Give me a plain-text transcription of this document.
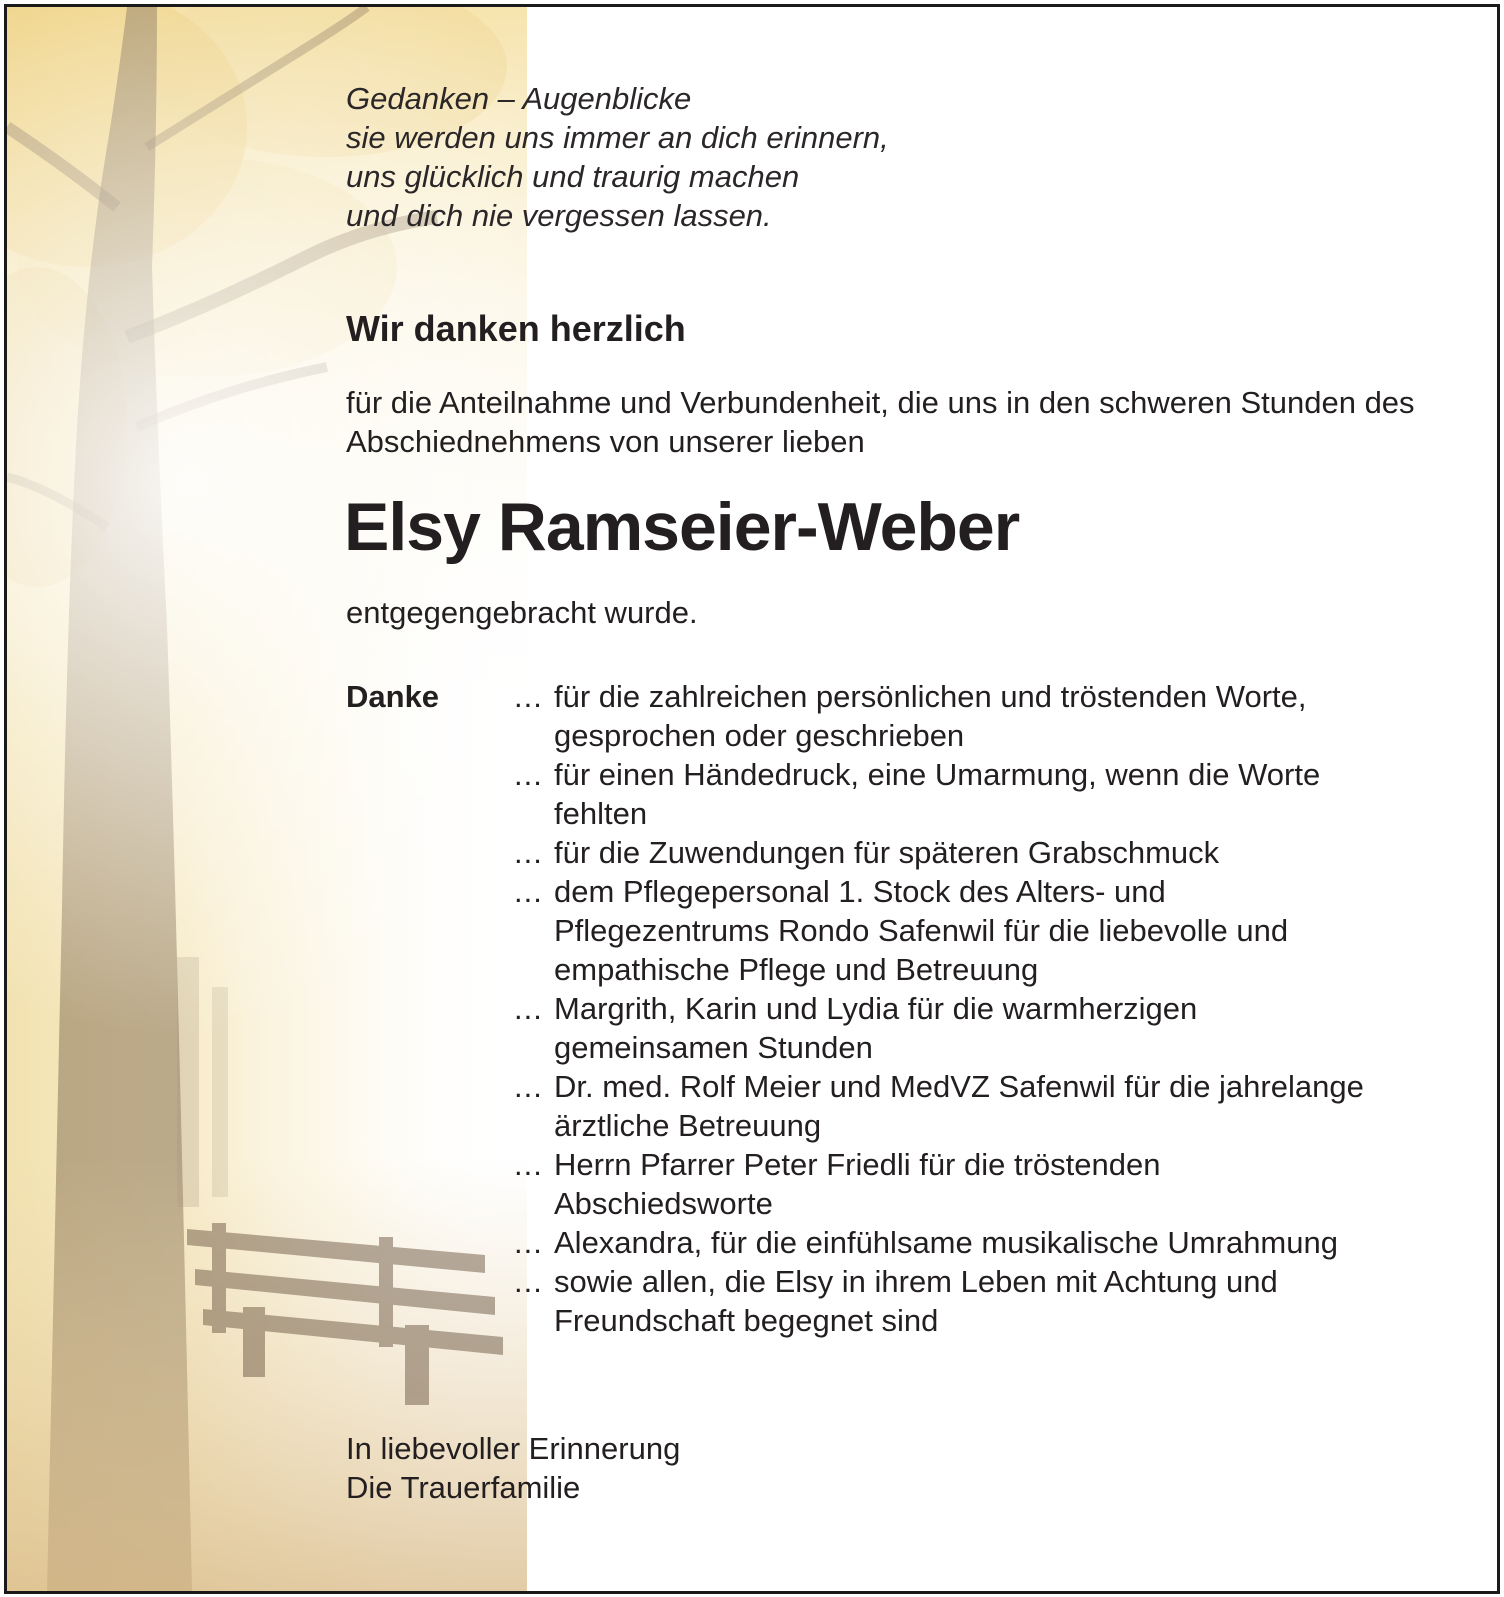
Gedanken – Augenblicke
sie werden uns immer an dich erinnern,
uns glücklich und traurig machen
und dich nie vergessen lassen.

Wir danken herzlich

für die Anteilnahme und Verbundenheit, die uns in den schweren Stunden des Abschiednehmens von unserer lieben

Elsy Ramseier-Weber

entgegengebracht wurde.

Danke ... für die zahlreichen persönlichen und tröstenden Worte, gesprochen oder geschrieben
... für einen Händedruck, eine Umarmung, wenn die Worte fehlten
... für die Zuwendungen für späteren Grabschmuck
... dem Pflegepersonal 1. Stock des Alters- und Pflegezentrums Rondo Safenwil für die liebevolle und empathische Pflege und Betreuung
... Margrith, Karin und Lydia für die warmherzigen gemeinsamen Stunden
... Dr. med. Rolf Meier und MedVZ Safenwil für die jahrelange ärztliche Betreuung
... Herrn Pfarrer Peter Friedli für die tröstenden Abschiedsworte
... Alexandra, für die einfühlsame musikalische Umrahmung
... sowie allen, die Elsy in ihrem Leben mit Achtung und Freundschaft begegnet sind

In liebevoller Erinnerung
Die Trauerfamilie
